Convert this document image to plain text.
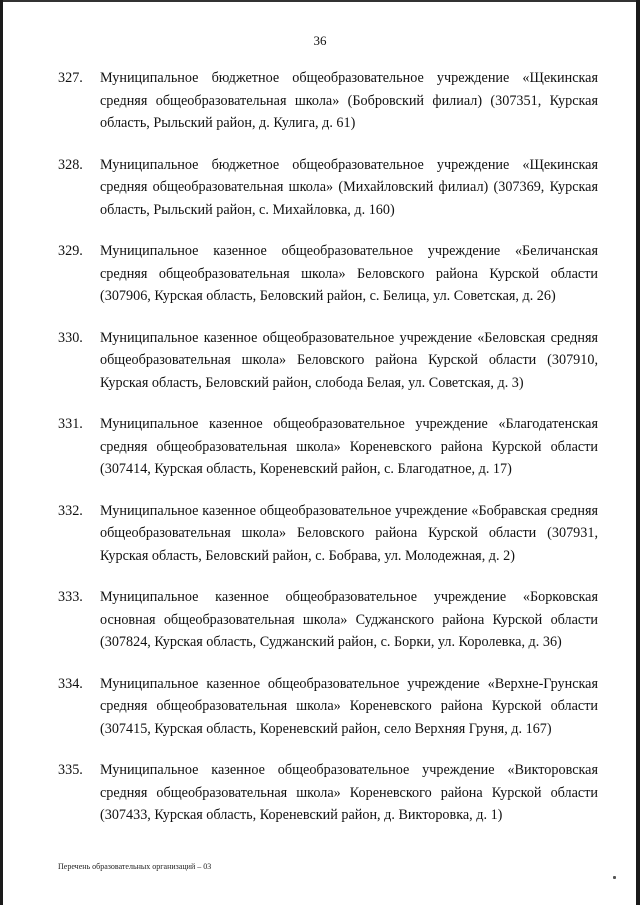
36
327. Муниципальное бюджетное общеобразовательное учреждение «Щекинская средняя общеобразовательная школа» (Бобровский филиал) (307351, Курская область, Рыльский район, д. Кулига, д. 61)
328. Муниципальное бюджетное общеобразовательное учреждение «Щекинская средняя общеобразовательная школа» (Михайловский филиал) (307369, Курская область, Рыльский район, с. Михайловка, д. 160)
329. Муниципальное казенное общеобразовательное учреждение «Беличанская средняя общеобразовательная школа» Беловского района Курской области (307906, Курская область, Беловский район, с. Белица, ул. Советская, д. 26)
330. Муниципальное казенное общеобразовательное учреждение «Беловская средняя общеобразовательная школа» Беловского района Курской области (307910, Курская область, Беловский район, слобода Белая, ул. Советская, д. 3)
331. Муниципальное казенное общеобразовательное учреждение «Благодатенская средняя общеобразовательная школа» Кореневского района Курской области (307414, Курская область, Кореневский район, с. Благодатное, д. 17)
332. Муниципальное казенное общеобразовательное учреждение «Бобравская средняя общеобразовательная школа» Беловского района Курской области (307931, Курская область, Беловский район, с. Бобрава, ул. Молодежная, д. 2)
333. Муниципальное казенное общеобразовательное учреждение «Борковская основная общеобразовательная школа» Суджанского района Курской области (307824, Курская область, Суджанский район, с. Борки, ул. Королевка, д. 36)
334. Муниципальное казенное общеобразовательное учреждение «Верхне-Грунская средняя общеобразовательная школа» Кореневского района Курской области (307415, Курская область, Кореневский район, село Верхняя Груня, д. 167)
335. Муниципальное казенное общеобразовательное учреждение «Викторовская средняя общеобразовательная школа» Кореневского района Курской области (307433, Курская область, Кореневский район, д. Викторовка, д. 1)
Перечень образовательных организаций – 03
